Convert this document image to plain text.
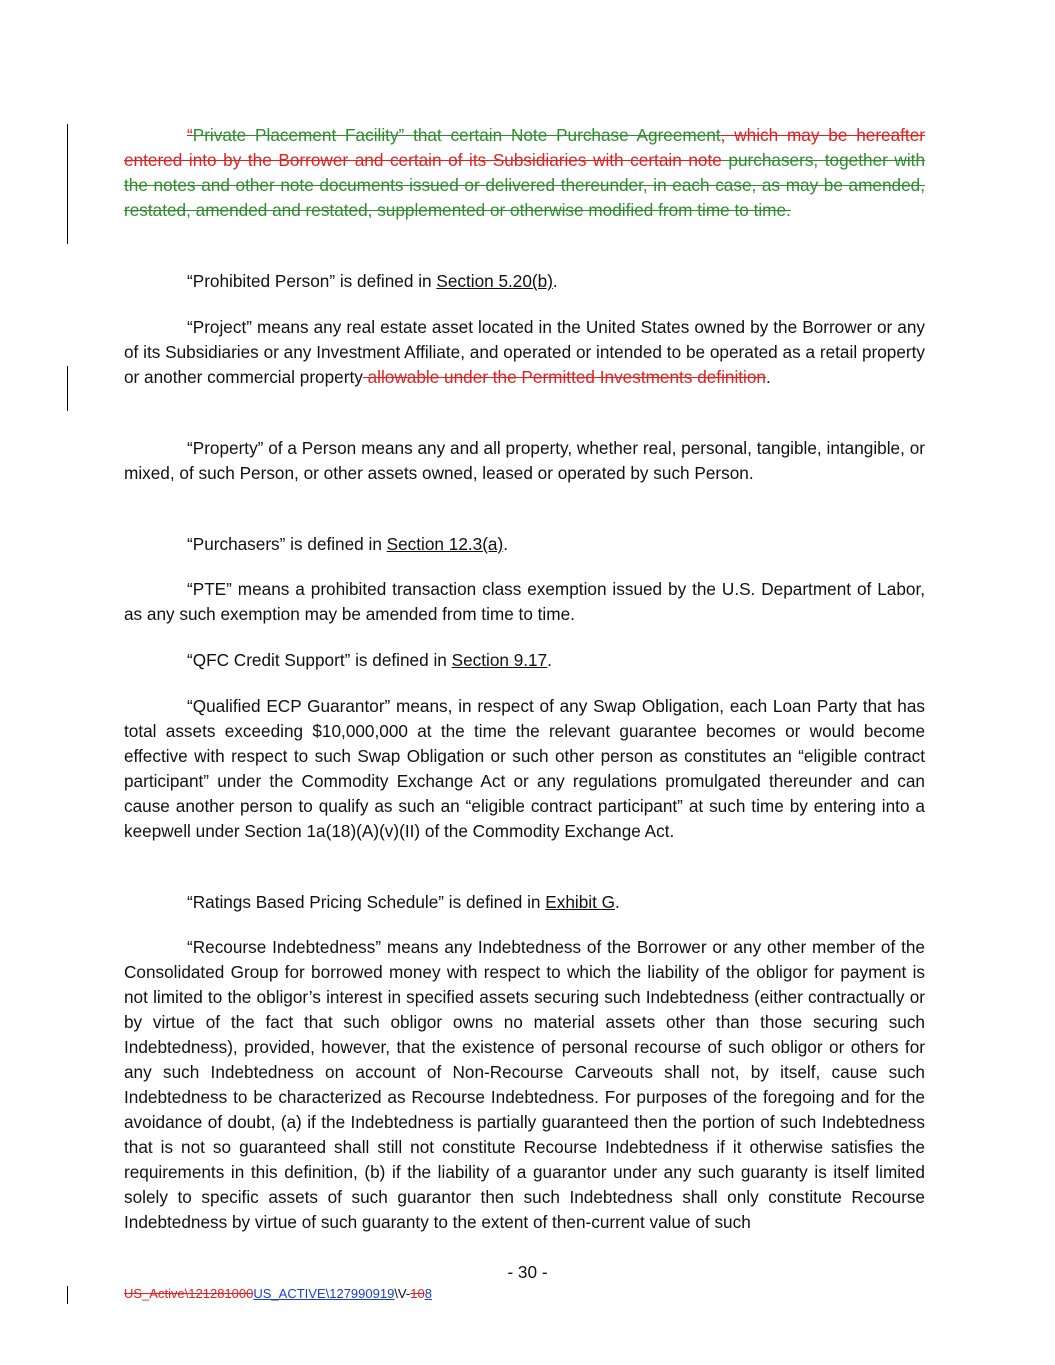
“Private Placement Facility” that certain Note Purchase Agreement, which may be hereafter entered into by the Borrower and certain of its Subsidiaries with certain note purchasers, together with the notes and other note documents issued or delivered thereunder, in each case, as may be amended, restated, amended and restated, supplemented or otherwise modified from time to time.

“Prohibited Person” is defined in Section 5.20(b).

“Project” means any real estate asset located in the United States owned by the Borrower or any of its Subsidiaries or any Investment Affiliate, and operated or intended to be operated as a retail property or another commercial property allowable under the Permitted Investments definition.

“Property” of a Person means any and all property, whether real, personal, tangible, intangible, or mixed, of such Person, or other assets owned, leased or operated by such Person.

“Purchasers” is defined in Section 12.3(a).

“PTE” means a prohibited transaction class exemption issued by the U.S. Department of Labor, as any such exemption may be amended from time to time.

“QFC Credit Support” is defined in Section 9.17.

“Qualified ECP Guarantor” means, in respect of any Swap Obligation, each Loan Party that has total assets exceeding $10,000,000 at the time the relevant guarantee becomes or would become effective with respect to such Swap Obligation or such other person as constitutes an “eligible contract participant” under the Commodity Exchange Act or any regulations promulgated thereunder and can cause another person to qualify as such an “eligible contract participant” at such time by entering into a keepwell under Section 1a(18)(A)(v)(II) of the Commodity Exchange Act.

“Ratings Based Pricing Schedule” is defined in Exhibit G.

“Recourse Indebtedness” means any Indebtedness of the Borrower or any other member of the Consolidated Group for borrowed money with respect to which the liability of the obligor for payment is not limited to the obligor’s interest in specified assets securing such Indebtedness (either contractually or by virtue of the fact that such obligor owns no material assets other than those securing such Indebtedness), provided, however, that the existence of personal recourse of such obligor or others for any such Indebtedness on account of Non-Recourse Carveouts shall not, by itself, cause such Indebtedness to be characterized as Recourse Indebtedness. For purposes of the foregoing and for the avoidance of doubt, (a) if the Indebtedness is partially guaranteed then the portion of such Indebtedness that is not so guaranteed shall still not constitute Recourse Indebtedness if it otherwise satisfies the requirements in this definition, (b) if the liability of a guarantor under any such guaranty is itself limited solely to specific assets of such guarantor then such Indebtedness shall only constitute Recourse Indebtedness by virtue of such guaranty to the extent of then-current value of such

- 30 -
US_Active\121281000US_ACTIVE\127990919\V-108
